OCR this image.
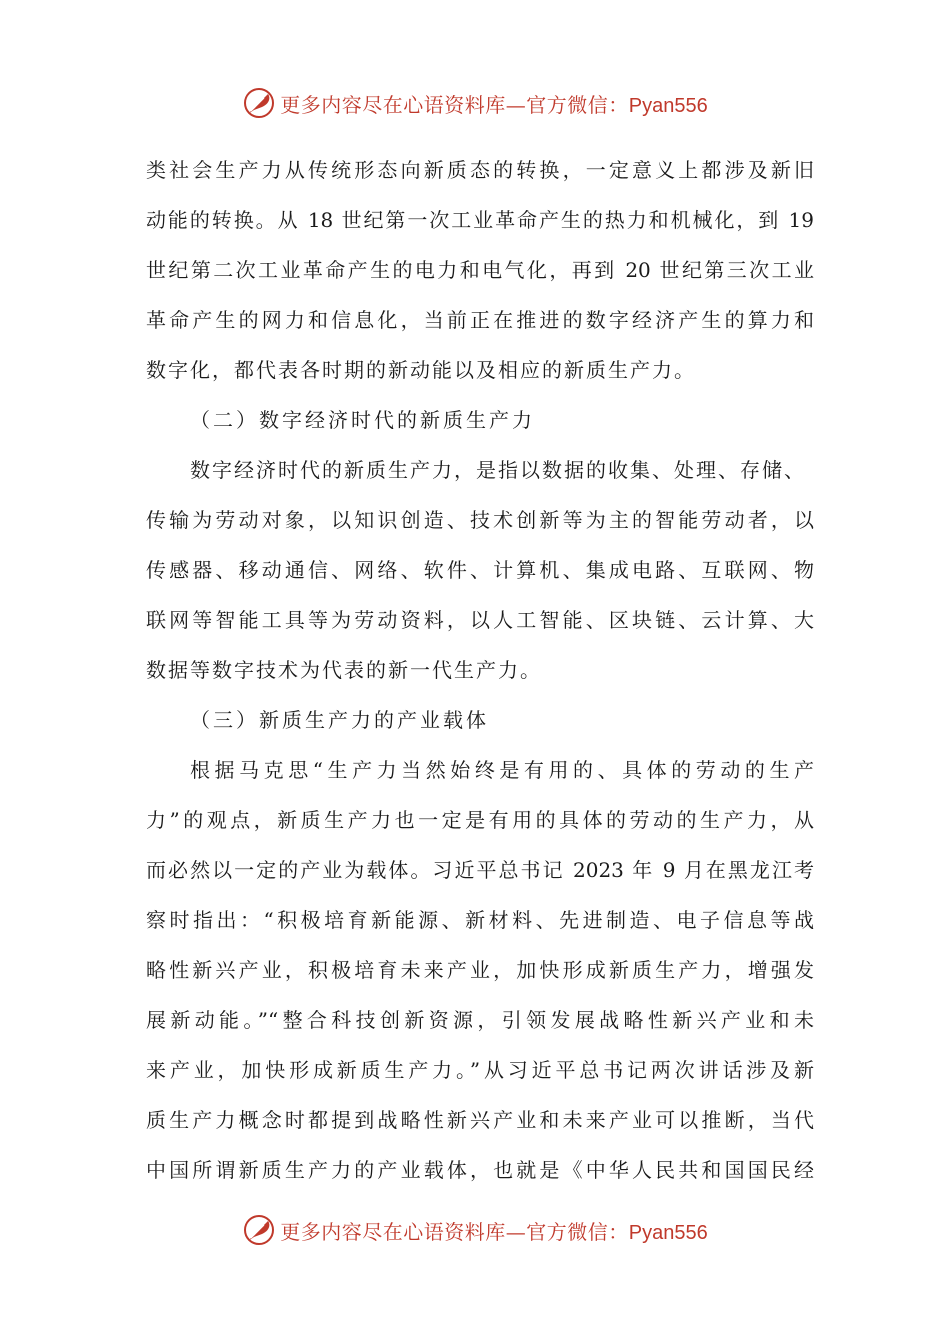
更多内容尽在心语资料库—官方微信：Pyan556
类社会生产力从传统形态向新质态的转换，一定意义上都涉及新旧
动能的转换。从 18 世纪第一次工业革命产生的热力和机械化，到 19
世纪第二次工业革命产生的电力和电气化，再到 20 世纪第三次工业
革命产生的网力和信息化，当前正在推进的数字经济产生的算力和
数字化，都代表各时期的新动能以及相应的新质生产力。
（二）数字经济时代的新质生产力
数字经济时代的新质生产力，是指以数据的收集、处理、存储、
传输为劳动对象，以知识创造、技术创新等为主的智能劳动者，以
传感器、移动通信、网络、软件、计算机、集成电路、互联网、物
联网等智能工具等为劳动资料，以人工智能、区块链、云计算、大
数据等数字技术为代表的新一代生产力。
（三）新质生产力的产业载体
根据马克思“生产力当然始终是有用的、具体的劳动的生产
力”的观点，新质生产力也一定是有用的具体的劳动的生产力，从
而必然以一定的产业为载体。习近平总书记 2023 年 9 月在黑龙江考
察时指出：“积极培育新能源、新材料、先进制造、电子信息等战
略性新兴产业，积极培育未来产业，加快形成新质生产力，增强发
展新动能。”“整合科技创新资源，引领发展战略性新兴产业和未
来产业，加快形成新质生产力。”从习近平总书记两次讲话涉及新
质生产力概念时都提到战略性新兴产业和未来产业可以推断，当代
中国所谓新质生产力的产业载体，也就是《中华人民共和国国民经
更多内容尽在心语资料库—官方微信：Pyan556
